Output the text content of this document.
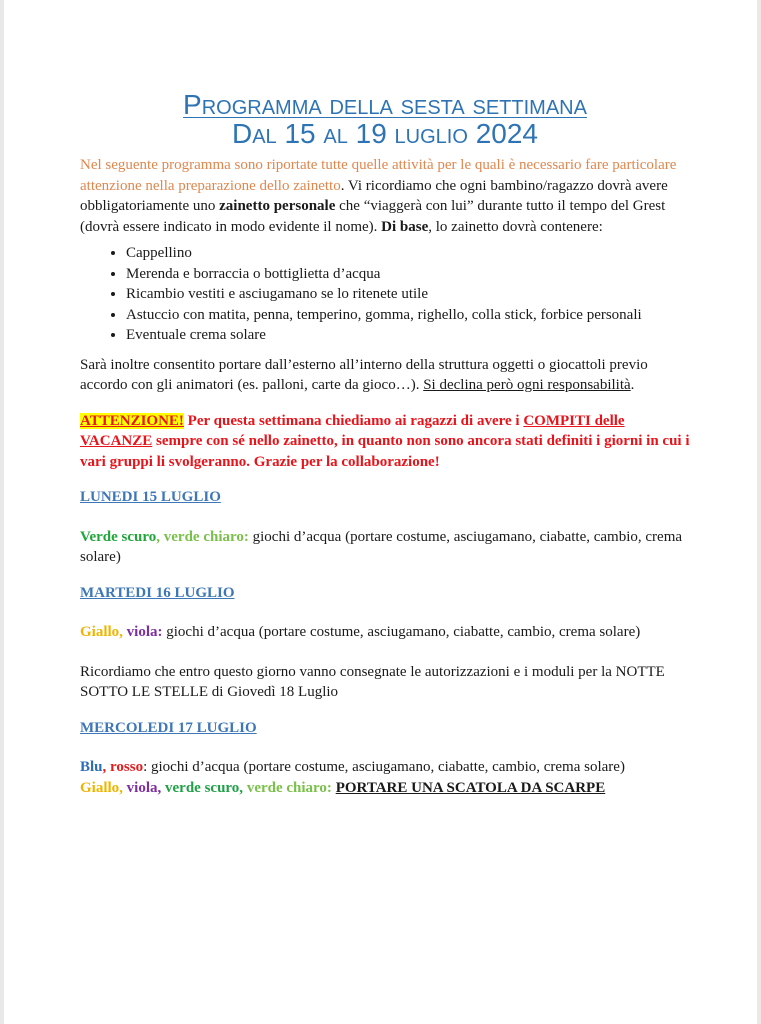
Programma della sesta settimana
Dal 15 al 19 luglio 2024

Nel seguente programma sono riportate tutte quelle attività per le quali è necessario fare particolare attenzione nella preparazione dello zainetto. Vi ricordiamo che ogni bambino/ragazzo dovrà avere obbligatoriamente uno zainetto personale che “viaggerà con lui” durante tutto il tempo del Grest (dovrà essere indicato in modo evidente il nome). Di base, lo zainetto dovrà contenere:

• Cappellino
• Merenda e borraccia o bottiglietta d’acqua
• Ricambio vestiti e asciugamano se lo ritenete utile
• Astuccio con matita, penna, temperino, gomma, righello, colla stick, forbice personali
• Eventuale crema solare

Sarà inoltre consentito portare dall’esterno all’interno della struttura oggetti o giocattoli previo accordo con gli animatori (es. palloni, carte da gioco…). Si declina però ogni responsabilità.

ATTENZIONE! Per questa settimana chiediamo ai ragazzi di avere i COMPITI delle VACANZE sempre con sé nello zainetto, in quanto non sono ancora stati definiti i giorni in cui i vari gruppi li svolgeranno. Grazie per la collaborazione!

LUNEDI 15 LUGLIO

Verde scuro, verde chiaro: giochi d’acqua (portare costume, asciugamano, ciabatte, cambio, crema solare)

MARTEDI 16 LUGLIO

Giallo, viola: giochi d’acqua (portare costume, asciugamano, ciabatte, cambio, crema solare)

Ricordiamo che entro questo giorno vanno consegnate le autorizzazioni e i moduli per la NOTTE SOTTO LE STELLE di Giovedì 18 Luglio

MERCOLEDI 17 LUGLIO

Blu, rosso: giochi d’acqua (portare costume, asciugamano, ciabatte, cambio, crema solare)

Giallo, viola, verde scuro, verde chiaro: PORTARE UNA SCATOLA DA SCARPE
